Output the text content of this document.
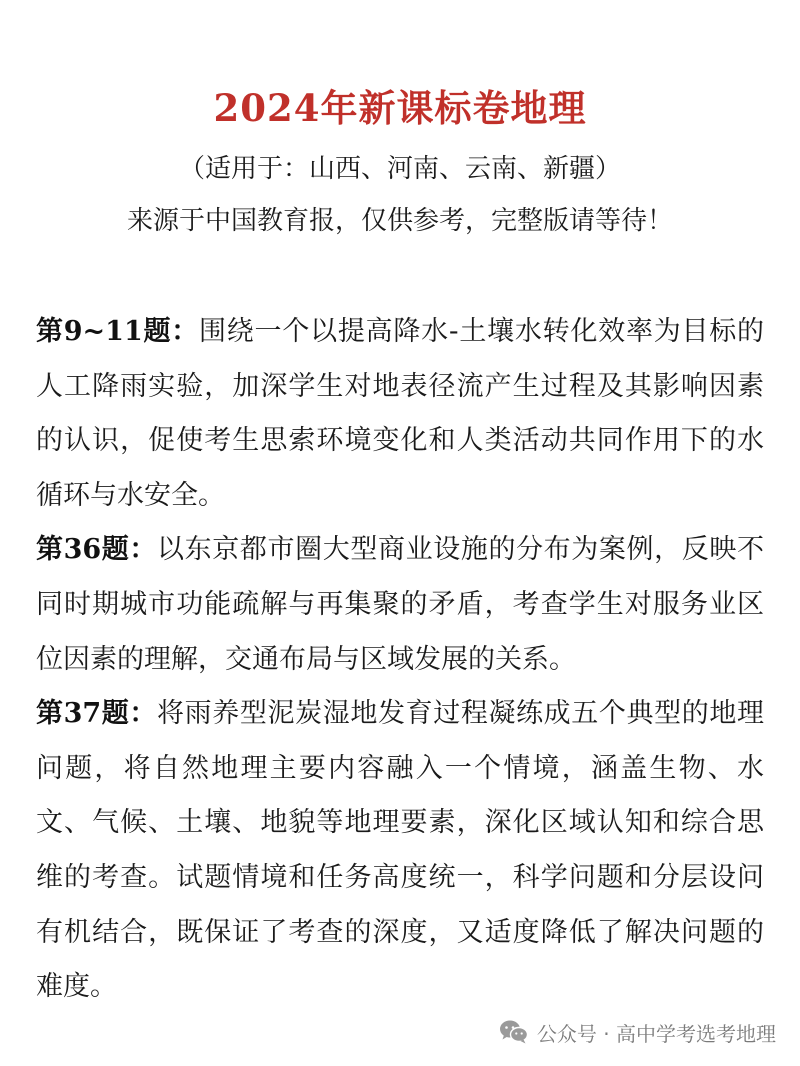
2024年新课标卷地理

（适用于：山西、河南、云南、新疆）

来源于中国教育报，仅供参考，完整版请等待！

第9~11题：围绕一个以提高降水-土壤水转化效率为目标的人工降雨实验，加深学生对地表径流产生过程及其影响因素的认识，促使考生思索环境变化和人类活动共同作用下的水循环与水安全。

第36题：以东京都市圈大型商业设施的分布为案例，反映不同时期城市功能疏解与再集聚的矛盾，考查学生对服务业区位因素的理解，交通布局与区域发展的关系。

第37题：将雨养型泥炭湿地发育过程凝练成五个典型的地理问题，将自然地理主要内容融入一个情境，涵盖生物、水文、气候、土壤、地貌等地理要素，深化区域认知和综合思维的考查。试题情境和任务高度统一，科学问题和分层设问有机结合，既保证了考查的深度，又适度降低了解决问题的难度。

公众号 · 高中学考选考地理
